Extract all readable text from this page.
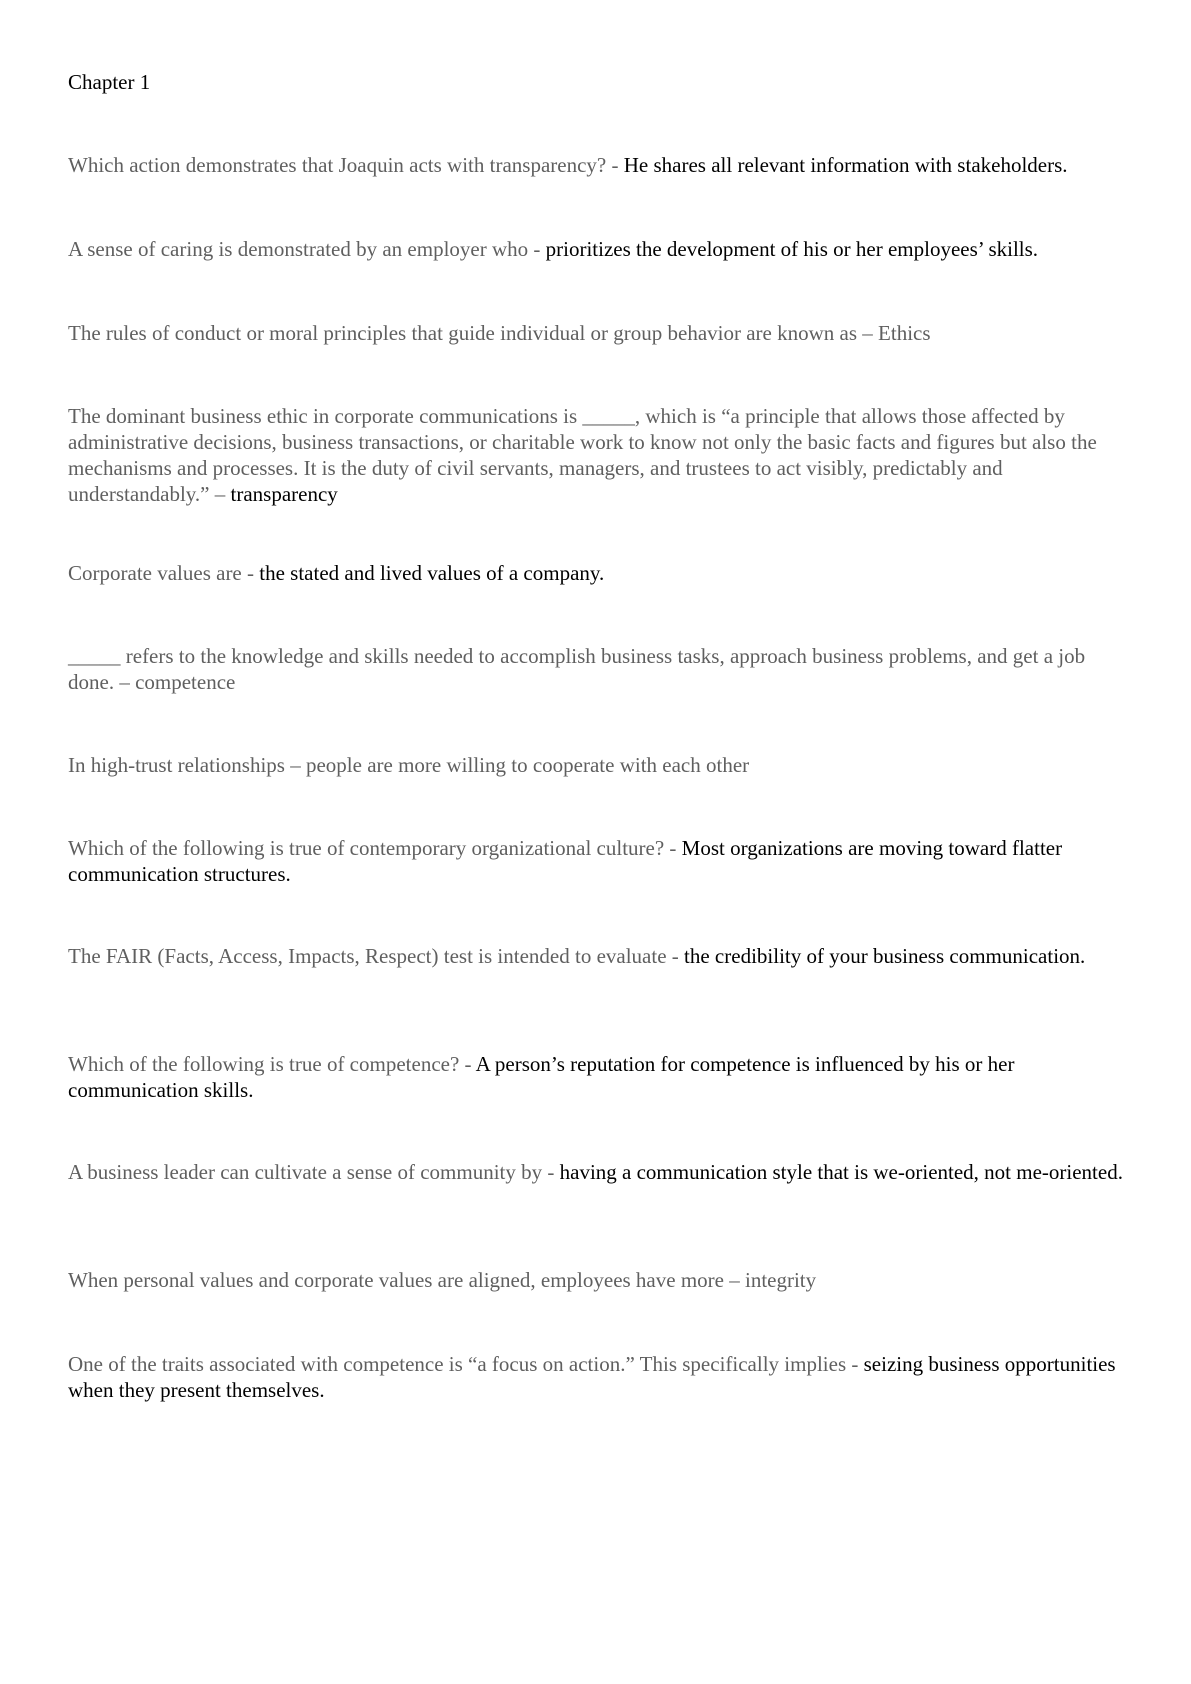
Chapter 1

Which action demonstrates that Joaquin acts with transparency? - He shares all relevant information with stakeholders.

A sense of caring is demonstrated by an employer who - prioritizes the development of his or her employees’ skills.

The rules of conduct or moral principles that guide individual or group behavior are known as – Ethics

The dominant business ethic in corporate communications is _____, which is “a principle that allows those affected by administrative decisions, business transactions, or charitable work to know not only the basic facts and figures but also the mechanisms and processes. It is the duty of civil servants, managers, and trustees to act visibly, predictably and understandably.” – transparency

Corporate values are - the stated and lived values of a company.

_____ refers to the knowledge and skills needed to accomplish business tasks, approach business problems, and get a job done. – competence

In high-trust relationships – people are more willing to cooperate with each other

Which of the following is true of contemporary organizational culture? - Most organizations are moving toward flatter communication structures.

The FAIR (Facts, Access, Impacts, Respect) test is intended to evaluate - the credibility of your business communication.

Which of the following is true of competence? - A person’s reputation for competence is influenced by his or her communication skills.

A business leader can cultivate a sense of community by - having a communication style that is we-oriented, not me-oriented.

When personal values and corporate values are aligned, employees have more – integrity

One of the traits associated with competence is “a focus on action.” This specifically implies - seizing business opportunities when they present themselves.
